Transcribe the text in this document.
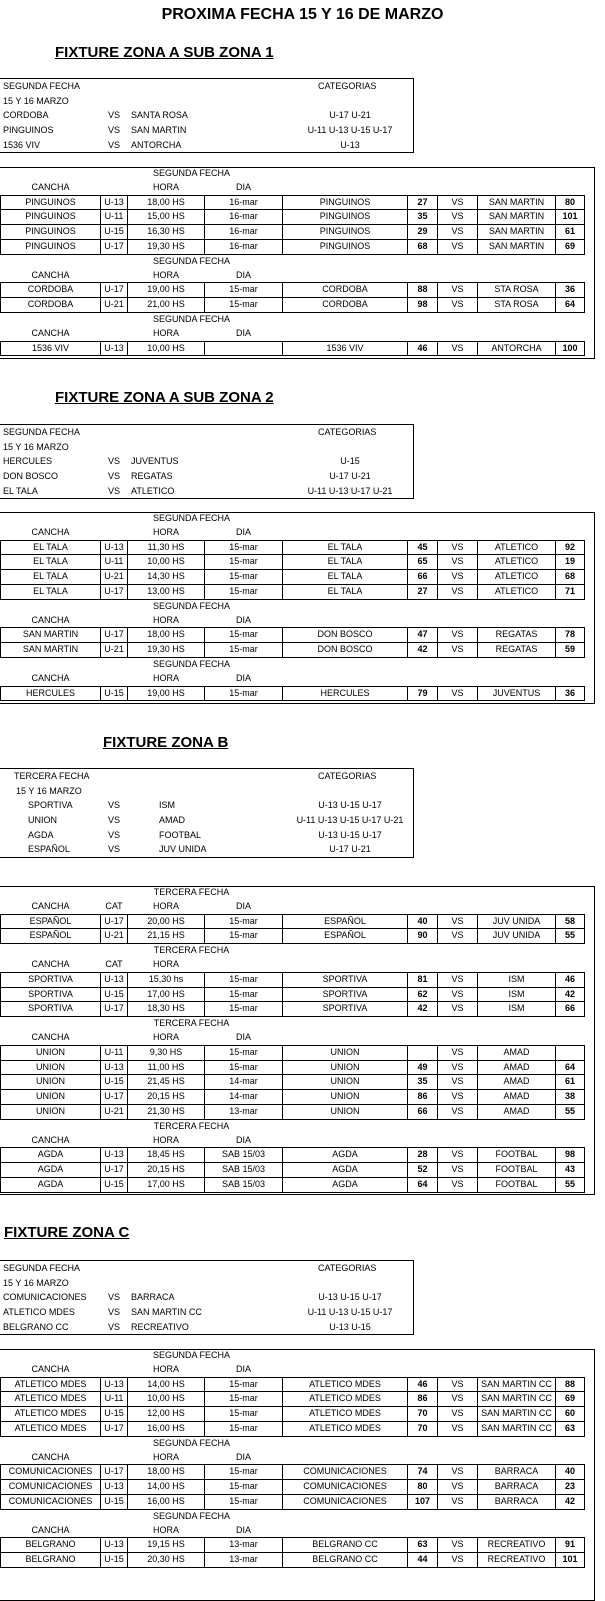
PROXIMA FECHA 15 Y 16 DE MARZO
FIXTURE ZONA A SUB ZONA 1
SEGUNDA FECHA	CATEGORIAS
15 Y 16 MARZO
CORDOBA	VS SANTA ROSA	U-17 U-21
PINGUINOS	VS SAN MARTIN	U-11 U-13 U-15 U-17
1536 VIV	VS ANTORCHA	U-13
	SEGUNDA FECHA							
CANCHA		HORA	DIA					
PINGUINOS	U-13	18,00 HS	16-mar	PINGUINOS	27	VS	SAN MARTIN	80
PINGUINOS	U-11	15,00 HS	16-mar	PINGUINOS	35	VS	SAN MARTIN	101
PINGUINOS	U-15	16,30 HS	16-mar	PINGUINOS	29	VS	SAN MARTIN	61
PINGUINOS	U-17	19,30 HS	16-mar	PINGUINOS	68	VS	SAN MARTIN	69
	SEGUNDA FECHA							
CANCHA		HORA	DIA					
CORDOBA	U-17	19,00 HS	15-mar	CORDOBA	88	VS	STA ROSA	36
CORDOBA	U-21	21,00 HS	15-mar	CORDOBA	98	VS	STA ROSA	64
	SEGUNDA FECHA							
CANCHA		HORA	DIA					
1536 VIV	U-13	10,00 HS		1536 VIV	46	VS	ANTORCHA	100
FIXTURE ZONA A SUB ZONA 2
SEGUNDA FECHA	CATEGORIAS
15 Y 16 MARZO
HERCULES	VS JUVENTUS	U-15
DON BOSCO	VS REGATAS	U-17 U-21
EL TALA	VS ATLETICO	U-11 U-13 U-17 U-21
	SEGUNDA FECHA							
CANCHA		HORA	DIA					
EL TALA	U-13	11,30 HS	15-mar	EL TALA	45	VS	ATLETICO	92
EL TALA	U-11	10,00 HS	15-mar	EL TALA	65	VS	ATLETICO	19
EL TALA	U-21	14,30 HS	15-mar	EL TALA	66	VS	ATLETICO	68
EL TALA	U-17	13,00 HS	15-mar	EL TALA	27	VS	ATLETICO	71
	SEGUNDA FECHA							
CANCHA		HORA	DIA					
SAN MARTIN	U-17	18,00 HS	15-mar	DON BOSCO	47	VS	REGATAS	78
SAN MARTIN	U-21	19,30 HS	15-mar	DON BOSCO	42	VS	REGATAS	59
	SEGUNDA FECHA							
CANCHA		HORA	DIA					
HERCULES	U-15	19,00 HS	15-mar	HERCULES	79	VS	JUVENTUS	36
FIXTURE ZONA B
TERCERA FECHA	CATEGORIAS
15 Y 16 MARZO
SPORTIVA	VS	ISM	U-13 U-15 U-17
UNION	VS	AMAD	U-11 U-13 U-15 U-17 U-21
AGDA	VS	FOOTBAL	U-13 U-15 U-17
ESPAÑOL	VS	JUV UNIDA	U-17 U-21
	TERCERA FECHA							
CANCHA	CAT	HORA	DIA					
ESPAÑOL	U-17	20,00 HS	15-mar	ESPAÑOL	40	VS	JUV UNIDA	58
ESPAÑOL	U-21	21,15 HS	15-mar	ESPAÑOL	90	VS	JUV UNIDA	55
	TERCERA FECHA							
CANCHA	CAT	HORA						
SPORTIVA	U-13	15,30 hs	15-mar	SPORTIVA	81	VS	ISM	46
SPORTIVA	U-15	17,00 HS	15-mar	SPORTIVA	62	VS	ISM	42
SPORTIVA	U-17	18,30 HS	15-mar	SPORTIVA	42	VS	ISM	66
	TERCERA FECHA							
CANCHA		HORA	DIA					
UNION	U-11	9,30 HS	15-mar	UNION		VS	AMAD	
UNION	U-13	11,00 HS	15-mar	UNION	49	VS	AMAD	64
UNION	U-15	21,45 HS	14-mar	UNION	35	VS	AMAD	61
UNION	U-17	20,15 HS	14-mar	UNION	86	VS	AMAD	38
UNION	U-21	21,30 HS	13-mar	UNION	66	VS	AMAD	55
	TERCERA FECHA							
CANCHA		HORA	DIA					
AGDA	U-13	18,45 HS	SAB 15/03	AGDA	28	VS	FOOTBAL	98
AGDA	U-17	20,15 HS	SAB 15/03	AGDA	52	VS	FOOTBAL	43
AGDA	U-15	17,00 HS	SAB 15/03	AGDA	64	VS	FOOTBAL	55
FIXTURE ZONA C
SEGUNDA FECHA	CATEGORIAS
15 Y 16 MARZO
COMUNICACIONES VS BARRACA	U-13 U-15 U-17
ATLETICO MDES	VS SAN MARTIN CC	U-11 U-13 U-15 U-17
BELGRANO CC	VS RECREATIVO	U-13 U-15
	SEGUNDA FECHA							
CANCHA		HORA	DIA					
ATLETICO MDES	U-13	14,00 HS	15-mar	ATLETICO MDES	46	VS	SAN MARTIN CC	88
ATLETICO MDES	U-11	10,00 HS	15-mar	ATLETICO MDES	86	VS	SAN MARTIN CC	69
ATLETICO MDES	U-15	12,00 HS	15-mar	ATLETICO MDES	70	VS	SAN MARTIN CC	60
ATLETICO MDES	U-17	16,00 HS	15-mar	ATLETICO MDES	70	VS	SAN MARTIN CC	63
	SEGUNDA FECHA							
CANCHA		HORA	DIA					
COMUNICACIONES	U-17	18,00 HS	15-mar	COMUNICACIONES	74	VS	BARRACA	40
COMUNICACIONES	U-13	14,00 HS	15-mar	COMUNICACIONES	80	VS	BARRACA	23
COMUNICACIONES	U-15	16,00 HS	15-mar	COMUNICACIONES	107	VS	BARRACA	42
	SEGUNDA FECHA							
CANCHA		HORA	DIA					
BELGRANO	U-13	19,15 HS	13-mar	BELGRANO CC	63	VS	RECREATIVO	91
BELGRANO	U-15	20,30 HS	13-mar	BELGRANO CC	44	VS	RECREATIVO	101
